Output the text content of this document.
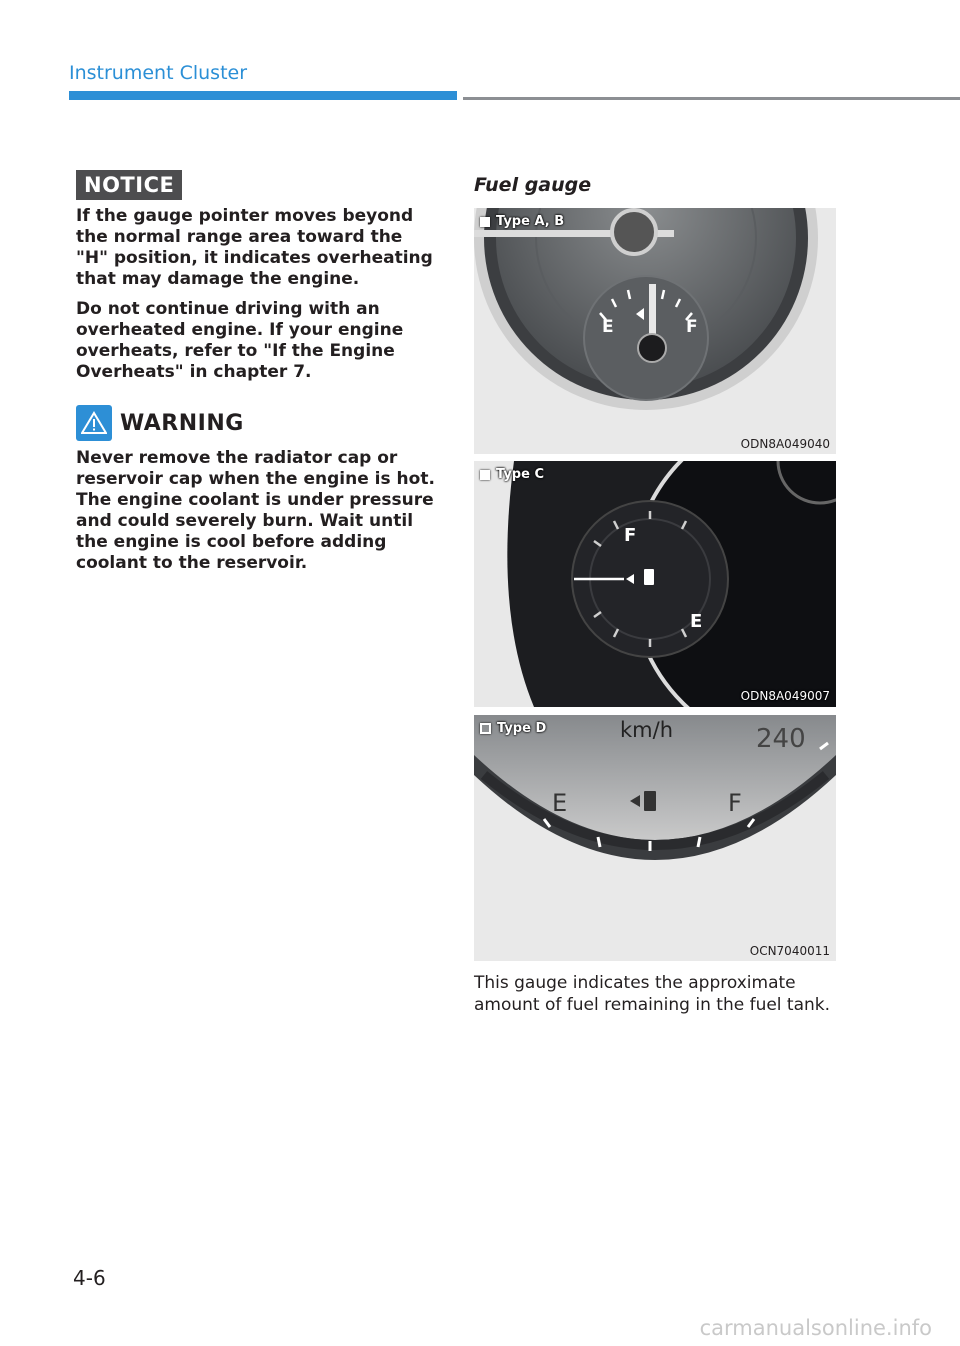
Instrument Cluster
NOTICE

If the gauge pointer moves beyond the normal range area toward the "H" position, it indicates overheating that may damage the engine.

Do not continue driving with an overheated engine. If your engine overheats, refer to "If the Engine Overheats" in chapter 7.

WARNING

Never remove the radiator cap or reservoir cap when the engine is hot. The engine coolant is under pressure and could severely burn. Wait until the engine is cool before adding coolant to the reservoir.

Fuel gauge
E	F
Type A, B
ODN8A049040
F
E
Type C
ODN8A049007
E	F
km/h	240
Type D
OCN7040011
This gauge indicates the approximate amount of fuel remaining in the fuel tank.
4-6
carmanualsonline.info
